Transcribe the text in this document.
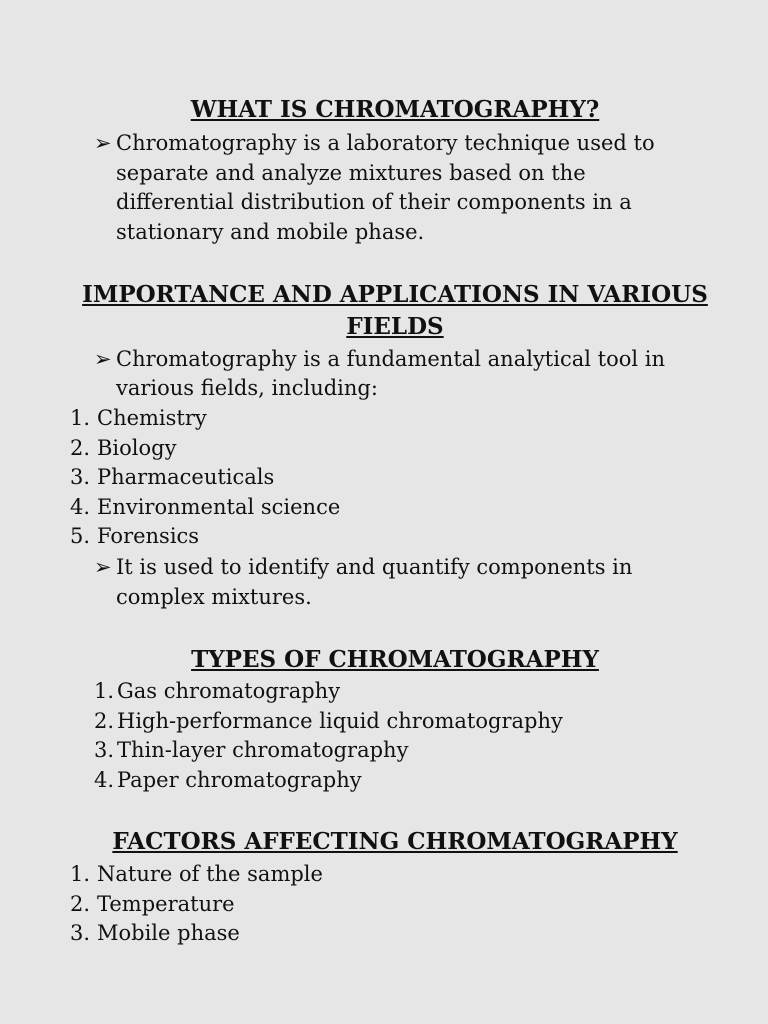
WHAT IS CHROMATOGRAPHY?
➢ Chromatography is a laboratory technique used to
separate and analyze mixtures based on the
differential distribution of their components in a
stationary and mobile phase.
IMPORTANCE AND APPLICATIONS IN VARIOUS
FIELDS
➢ Chromatography is a fundamental analytical tool in
various fields, including:
1. Chemistry
2. Biology
3. Pharmaceuticals
4. Environmental science
5. Forensics
➢ It is used to identify and quantify components in
complex mixtures.
TYPES OF CHROMATOGRAPHY
1. Gas chromatography
2. High-performance liquid chromatography
3. Thin-layer chromatography
4. Paper chromatography
FACTORS AFFECTING CHROMATOGRAPHY
1. Nature of the sample
2. Temperature
3. Mobile phase
